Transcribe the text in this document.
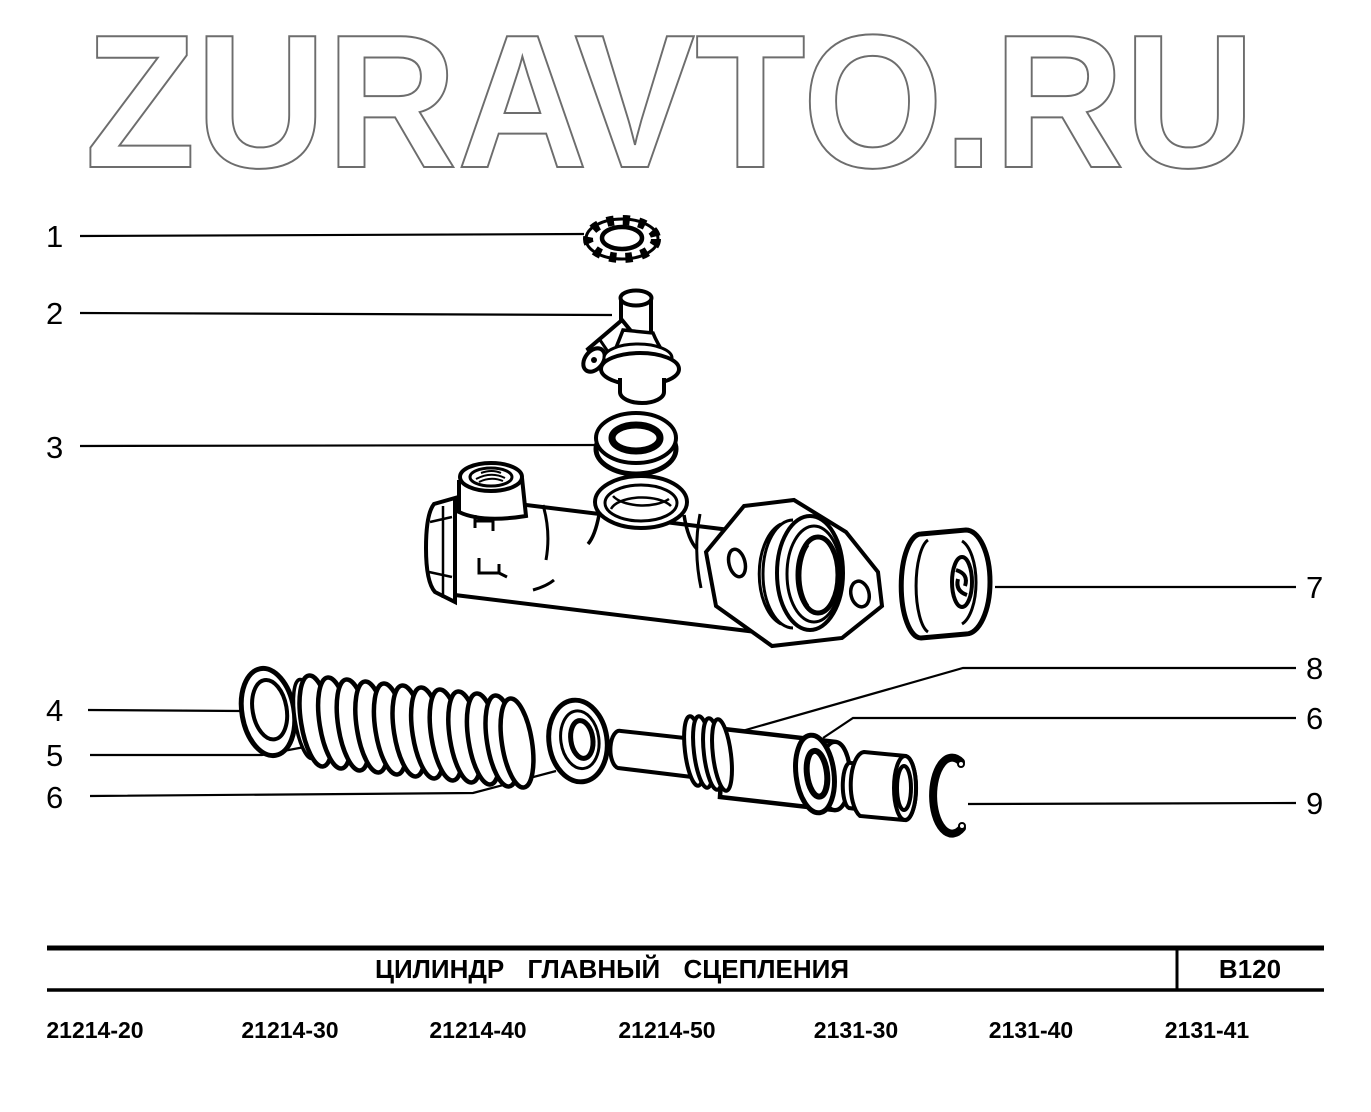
ZURAVTO.RU
1
2
3
4
5
6
7
8
6
9
ЦИЛИНДР ГЛАВНЫЙ СЦЕПЛЕНИЯ	B120
21214-20	21214-30	21214-40	21214-50	2131-30	2131-40	2131-41
